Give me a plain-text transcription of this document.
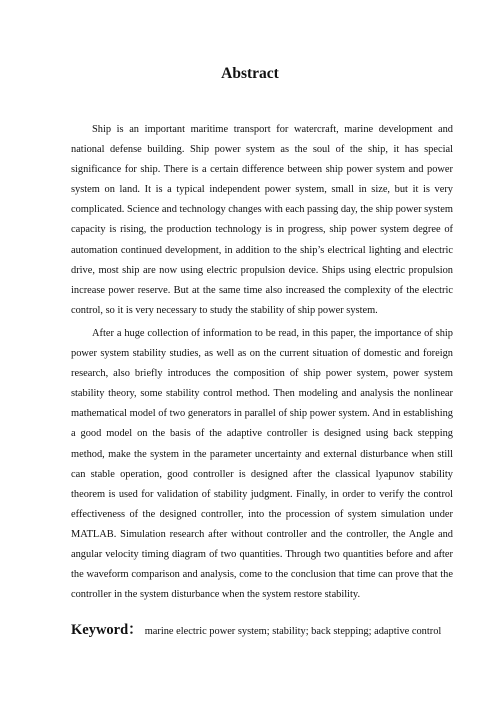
Abstract

Ship is an important maritime transport for watercraft, marine development and national defense building. Ship power system as the soul of the ship, it has special significance for ship. There is a certain difference between ship power system and power system on land. It is a typical independent power system, small in size, but it is very complicated. Science and technology changes with each passing day, the ship power system capacity is rising, the production technology is in progress, ship power system degree of automation continued development, in addition to the ship’s electrical lighting and electric drive, most ship are now using electric propulsion device. Ships using electric propulsion increase power reserve. But at the same time also increased the complexity of the electric control, so it is very necessary to study the stability of ship power system.

After a huge collection of information to be read, in this paper, the importance of ship power system stability studies, as well as on the current situation of domestic and foreign research, also briefly introduces the composition of ship power system, power system stability theory, some stability control method. Then modeling and analysis the nonlinear mathematical model of two generators in parallel of ship power system. And in establishing a good model on the basis of the adaptive controller is designed using back stepping method, make the system in the parameter uncertainty and external disturbance when still can stable operation, good controller is designed after the classical lyapunov stability theorem is used for validation of stability judgment. Finally, in order to verify the control effectiveness of the designed controller, into the procession of system simulation under MATLAB. Simulation research after without controller and the controller, the Angle and angular velocity timing diagram of two quantities. Through two quantities before and after the waveform comparison and analysis, come to the conclusion that time can prove that the controller in the system disturbance when the system restore stability.

Keyword： marine electric power system; stability; back stepping; adaptive control
